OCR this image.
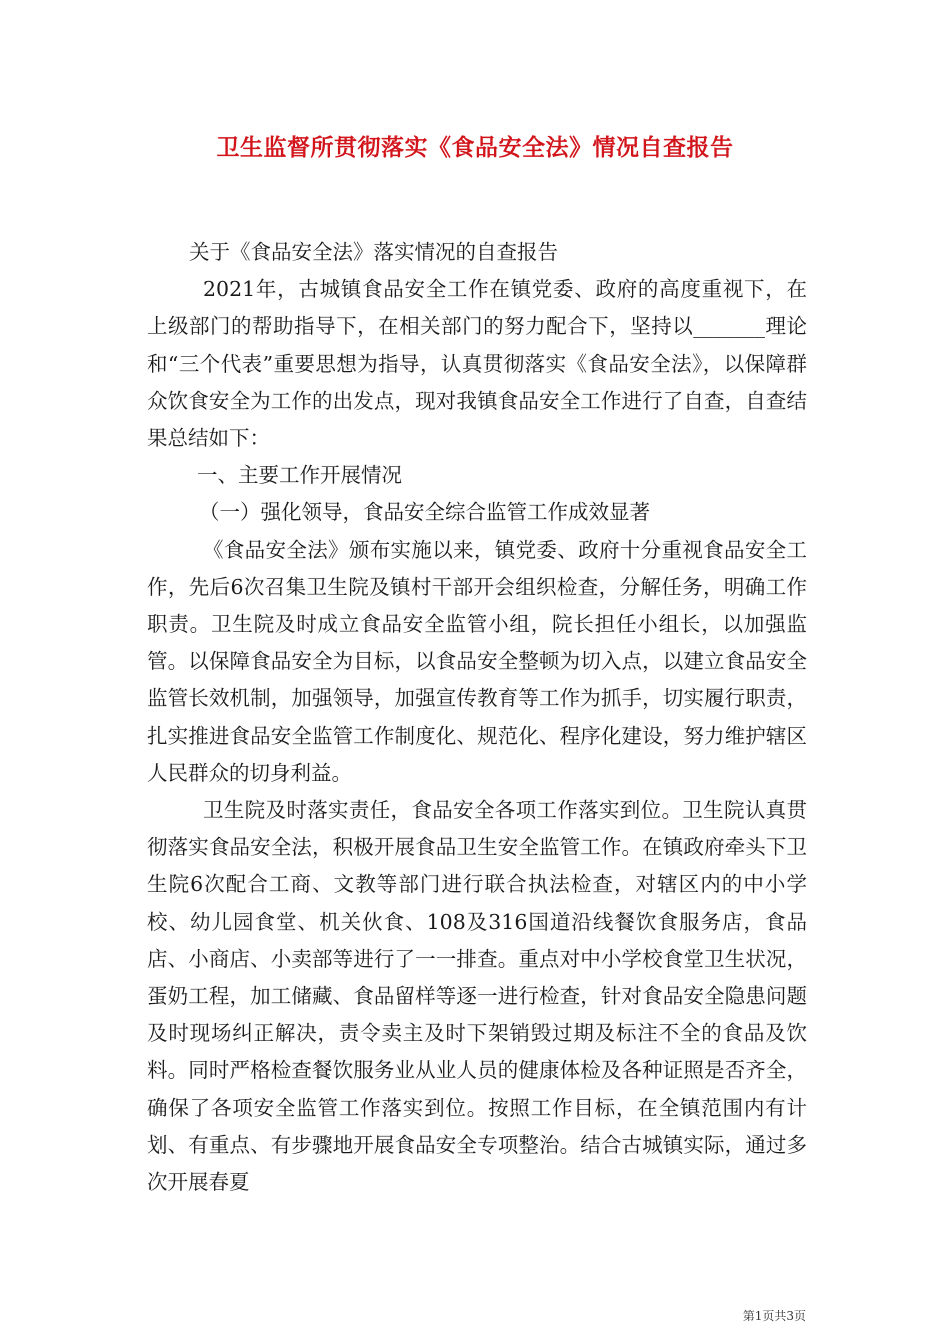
卫生监督所贯彻落实《食品安全法》情况自查报告

关于《食品安全法》落实情况的自查报告

2021年，古城镇食品安全工作在镇党委、政府的高度重视下，在上级部门的帮助指导下，在相关部门的努力配合下，坚持以_______理论和“三个代表”重要思想为指导，认真贯彻落实《食品安全法》，以保障群众饮食安全为工作的出发点，现对我镇食品安全工作进行了自查，自查结果总结如下：

一、主要工作开展情况

（一）强化领导，食品安全综合监管工作成效显著

《食品安全法》颁布实施以来，镇党委、政府十分重视食品安全工作，先后6次召集卫生院及镇村干部开会组织检查，分解任务，明确工作职责。卫生院及时成立食品安全监管小组，院长担任小组长，以加强监管。以保障食品安全为目标，以食品安全整顿为切入点，以建立食品安全监管长效机制，加强领导，加强宣传教育等工作为抓手，切实履行职责，扎实推进食品安全监管工作制度化、规范化、程序化建设，努力维护辖区人民群众的切身利益。

卫生院及时落实责任，食品安全各项工作落实到位。卫生院认真贯彻落实食品安全法，积极开展食品卫生安全监管工作。在镇政府牵头下卫生院6次配合工商、文教等部门进行联合执法检查，对辖区内的中小学校、幼儿园食堂、机关伙食、108及316国道沿线餐饮食服务店，食品店、小商店、小卖部等进行了一一排查。重点对中小学校食堂卫生状况，蛋奶工程，加工储藏、食品留样等逐一进行检查，针对食品安全隐患问题及时现场纠正解决，责令卖主及时下架销毁过期及标注不全的食品及饮料。同时严格检查餐饮服务业从业人员的健康体检及各种证照是否齐全，确保了各项安全监管工作落实到位。按照工作目标，在全镇范围内有计划、有重点、有步骤地开展食品安全专项整治。结合古城镇实际，通过多次开展春夏

第1页共3页
